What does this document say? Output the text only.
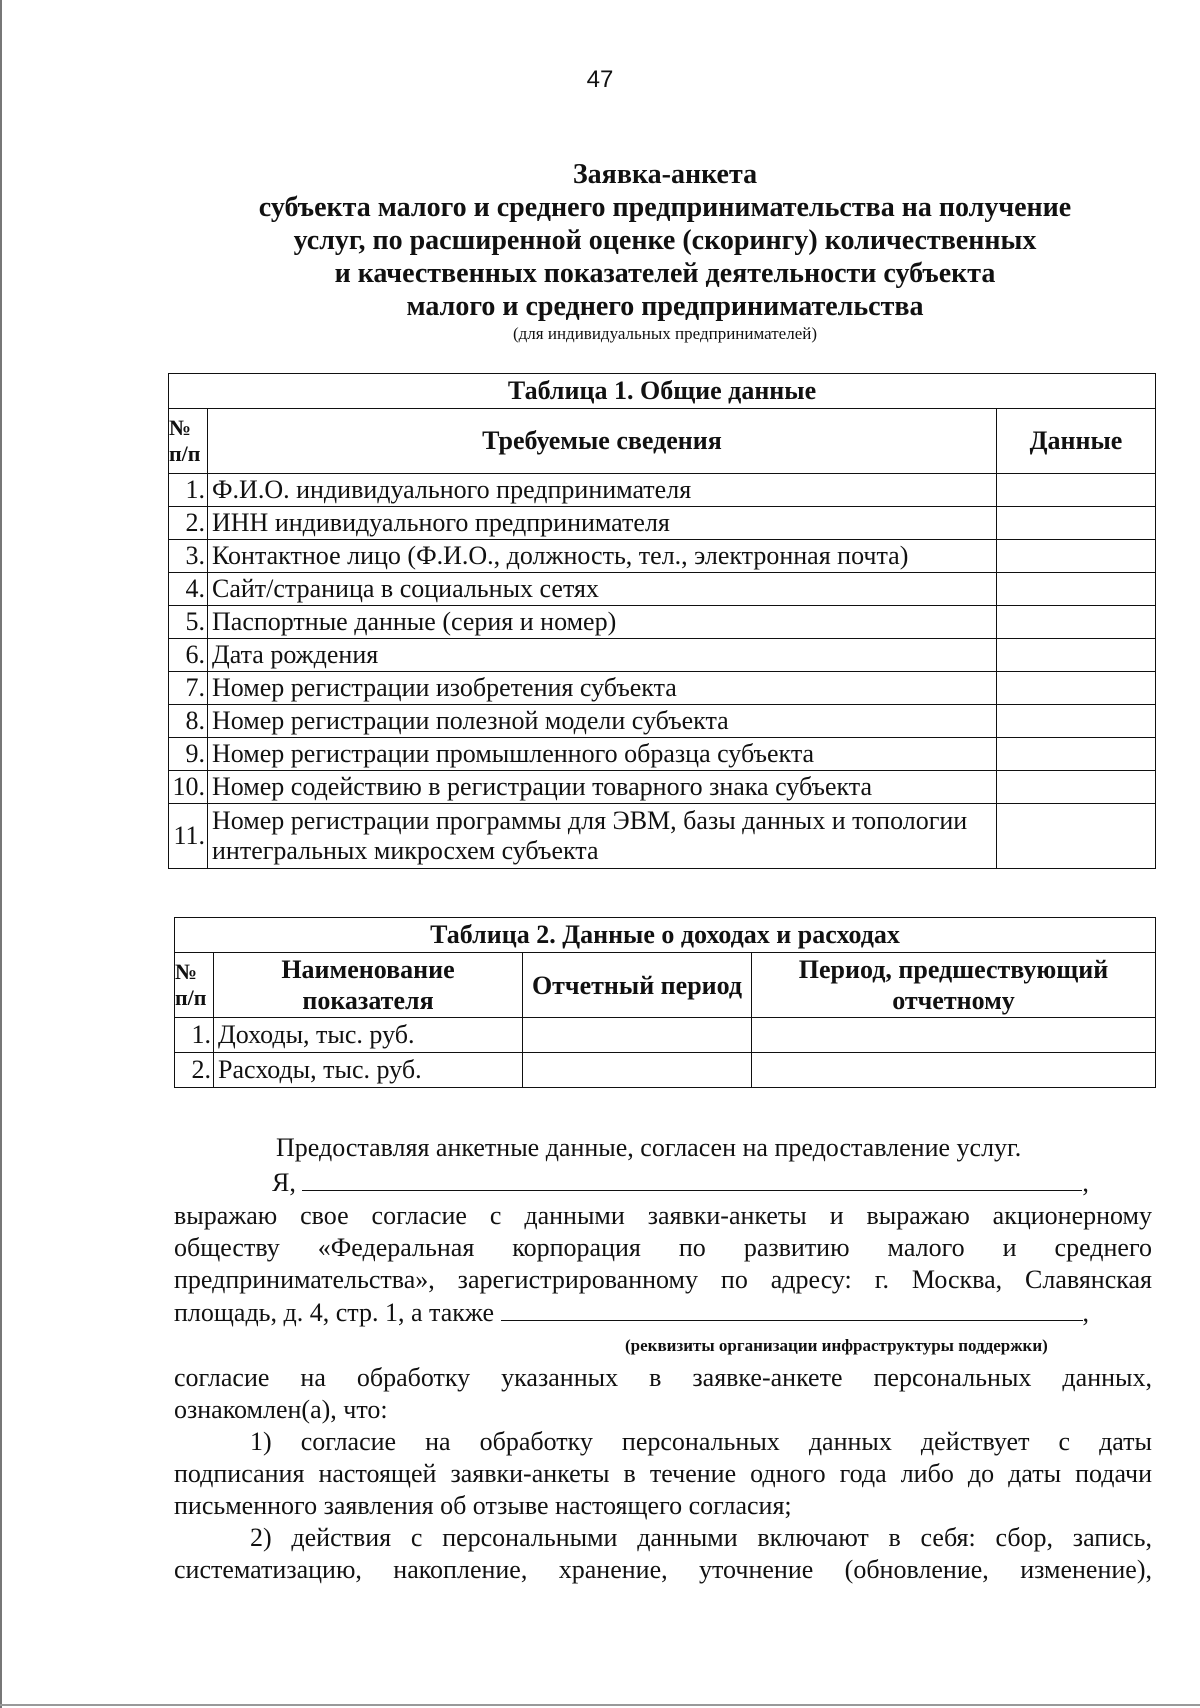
47
Заявка-анкета
субъекта малого и среднего предпринимательства на получение
услуг, по расширенной оценке (скорингу) количественных
и качественных показателей деятельности субъекта
малого и среднего предпринимательства
(для индивидуальных предпринимателей)
Таблица 1. Общие данные		
№ п/п	Требуемые сведения	Данные
1.	Ф.И.О. индивидуального предпринимателя	
2.	ИНН индивидуального предпринимателя	
3.	Контактное лицо (Ф.И.О., должность, тел., электронная почта)	
4.	Сайт/страница в социальных сетях	
5.	Паспортные данные (серия и номер)	
6.	Дата рождения	
7.	Номер регистрации изобретения субъекта	
8.	Номер регистрации полезной модели субъекта	
9.	Номер регистрации промышленного образца субъекта	
10.	Номер содействию в регистрации товарного знака субъекта	
11.	Номер регистрации программы для ЭВМ, базы данных и топологии интегральных микросхем субъекта	
Таблица 2. Данные о доходах и расходах			
№ п/п	Наименование показателя	Отчетный период	Период, предшествующий отчетному
1.	Доходы, тыс. руб.		
2.	Расходы, тыс. руб.		
Предоставляя анкетные данные, согласен на предоставление услуг.
Я,	,
выражаю свое согласие с данными заявки-анкеты и выражаю акционерному
обществу «Федеральная корпорация по развитию малого и среднего
предпринимательства», зарегистрированному по адресу: г. Москва, Славянская
площадь, д. 4, стр. 1, а также	,
(реквизиты организации инфраструктуры поддержки)
согласие на обработку указанных в заявке-анкете персональных данных,
ознакомлен(а), что:
1) согласие на обработку персональных данных действует с даты
подписания настоящей заявки-анкеты в течение одного года либо до даты подачи
письменного заявления об отзыве настоящего согласия;
2) действия с персональными данными включают в себя: сбор, запись,
систематизацию, накопление, хранение, уточнение (обновление, изменение),
